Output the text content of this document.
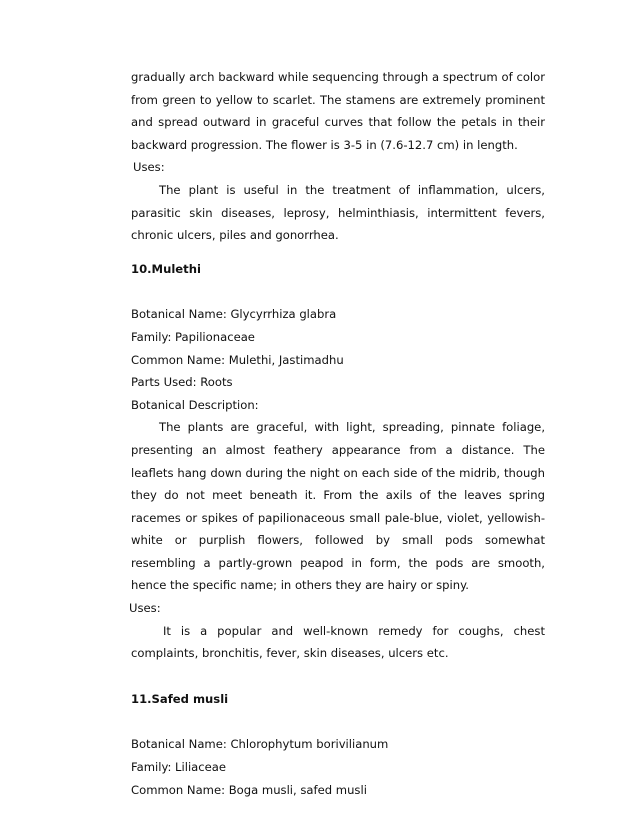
gradually arch backward while sequencing through a spectrum of color from green to yellow to scarlet. The stamens are extremely prominent and spread outward in graceful curves that follow the petals in their backward progression. The flower is 3-5 in (7.6-12.7 cm) in length.

Uses:

The plant is useful in the treatment of inflammation, ulcers, parasitic skin diseases, leprosy, helminthiasis, intermittent fevers, chronic ulcers, piles and gonorrhea.

10.Mulethi

Botanical Name: Glycyrrhiza glabra

Family: Papilionaceae

Common Name: Mulethi, Jastimadhu

Parts Used: Roots

Botanical Description:

The plants are graceful, with light, spreading, pinnate foliage, presenting an almost feathery appearance from a distance. The leaflets hang down during the night on each side of the midrib, though they do not meet beneath it. From the axils of the leaves spring racemes or spikes of papilionaceous small pale-blue, violet, yellowish-white or purplish flowers, followed by small pods somewhat resembling a partly-grown peapod in form, the pods are smooth, hence the specific name; in others they are hairy or spiny.

Uses:

It is a popular and well-known remedy for coughs, chest complaints, bronchitis, fever, skin diseases, ulcers etc.

11.Safed musli

Botanical Name: Chlorophytum borivilianum

Family: Liliaceae

Common Name: Boga musli, safed musli
